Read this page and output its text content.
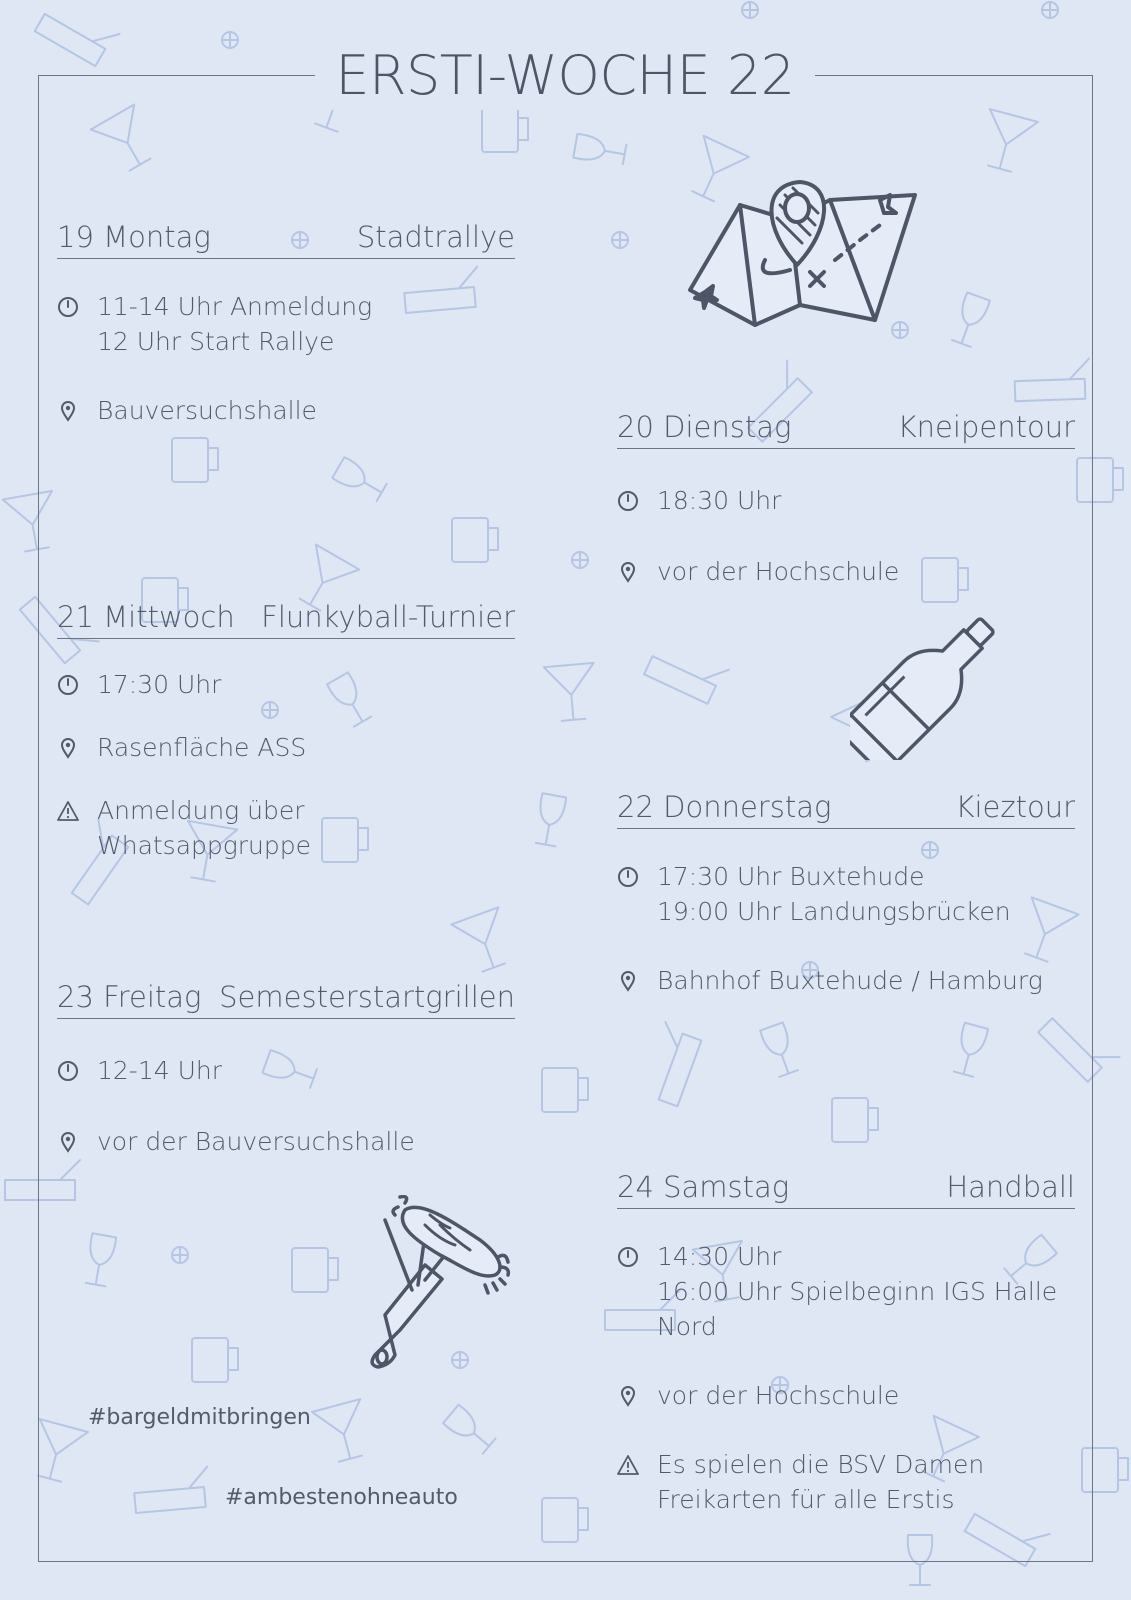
ERSTI-WOCHE 22
19 Montag	Stadtrallye
11-14 Uhr Anmeldung
12 Uhr Start Rallye
Bauversuchshalle	20 Dienstag	Kneipentour
18:30 Uhr
vor der Hochschule
21 Mittwoch Flunkyball-Turnier
17:30 Uhr
Rasenfläche ASS
Anmeldung über Whatsappgruppe
22 Donnerstag	Kieztour
17:30 Uhr Buxtehude
19:00 Uhr Landungsbrücken
Bahnhof Buxtehude / Hamburg
23 Freitag Semesterstartgrillen
12-14 Uhr
vor der Bauversuchshalle
24 Samstag	Handball
14:30 Uhr
16:00 Uhr Spielbeginn IGS Halle
Nord
vor der Hochschule
Es spielen die BSV Damen
Freikarten für alle Erstis
#bargeldmitbringen
#ambestenohneauto
